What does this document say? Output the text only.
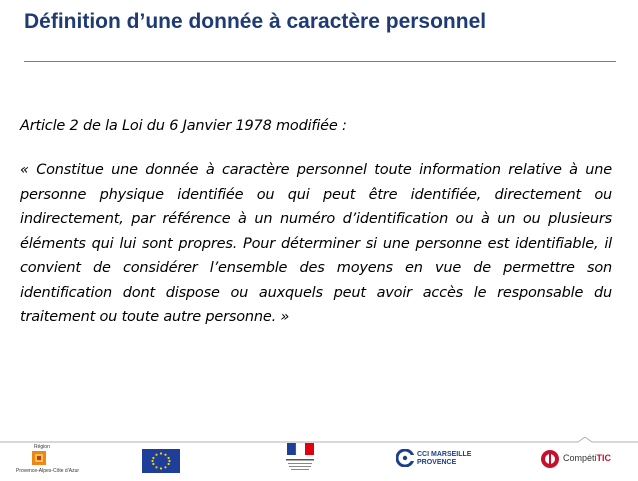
Définition d’une donnée à caractère personnel
Article 2 de la Loi du 6 Janvier 1978 modifiée :

« Constitue une donnée à caractère personnel toute information relative à une personne physique identifiée ou qui peut être identifiée, directement ou indirectement, par référence à un numéro d’identification ou à un ou plusieurs éléments qui lui sont propres. Pour déterminer si une personne est identifiable, il convient de considérer l’ensemble des moyens en vue de permettre son identification dont dispose ou auxquels peut avoir accès le responsable du traitement ou toute autre personne. »

Région
Provence-Alpes-Côte d’Azur
CCI MARSEILLE
PROVENCE	CompétiTIC
